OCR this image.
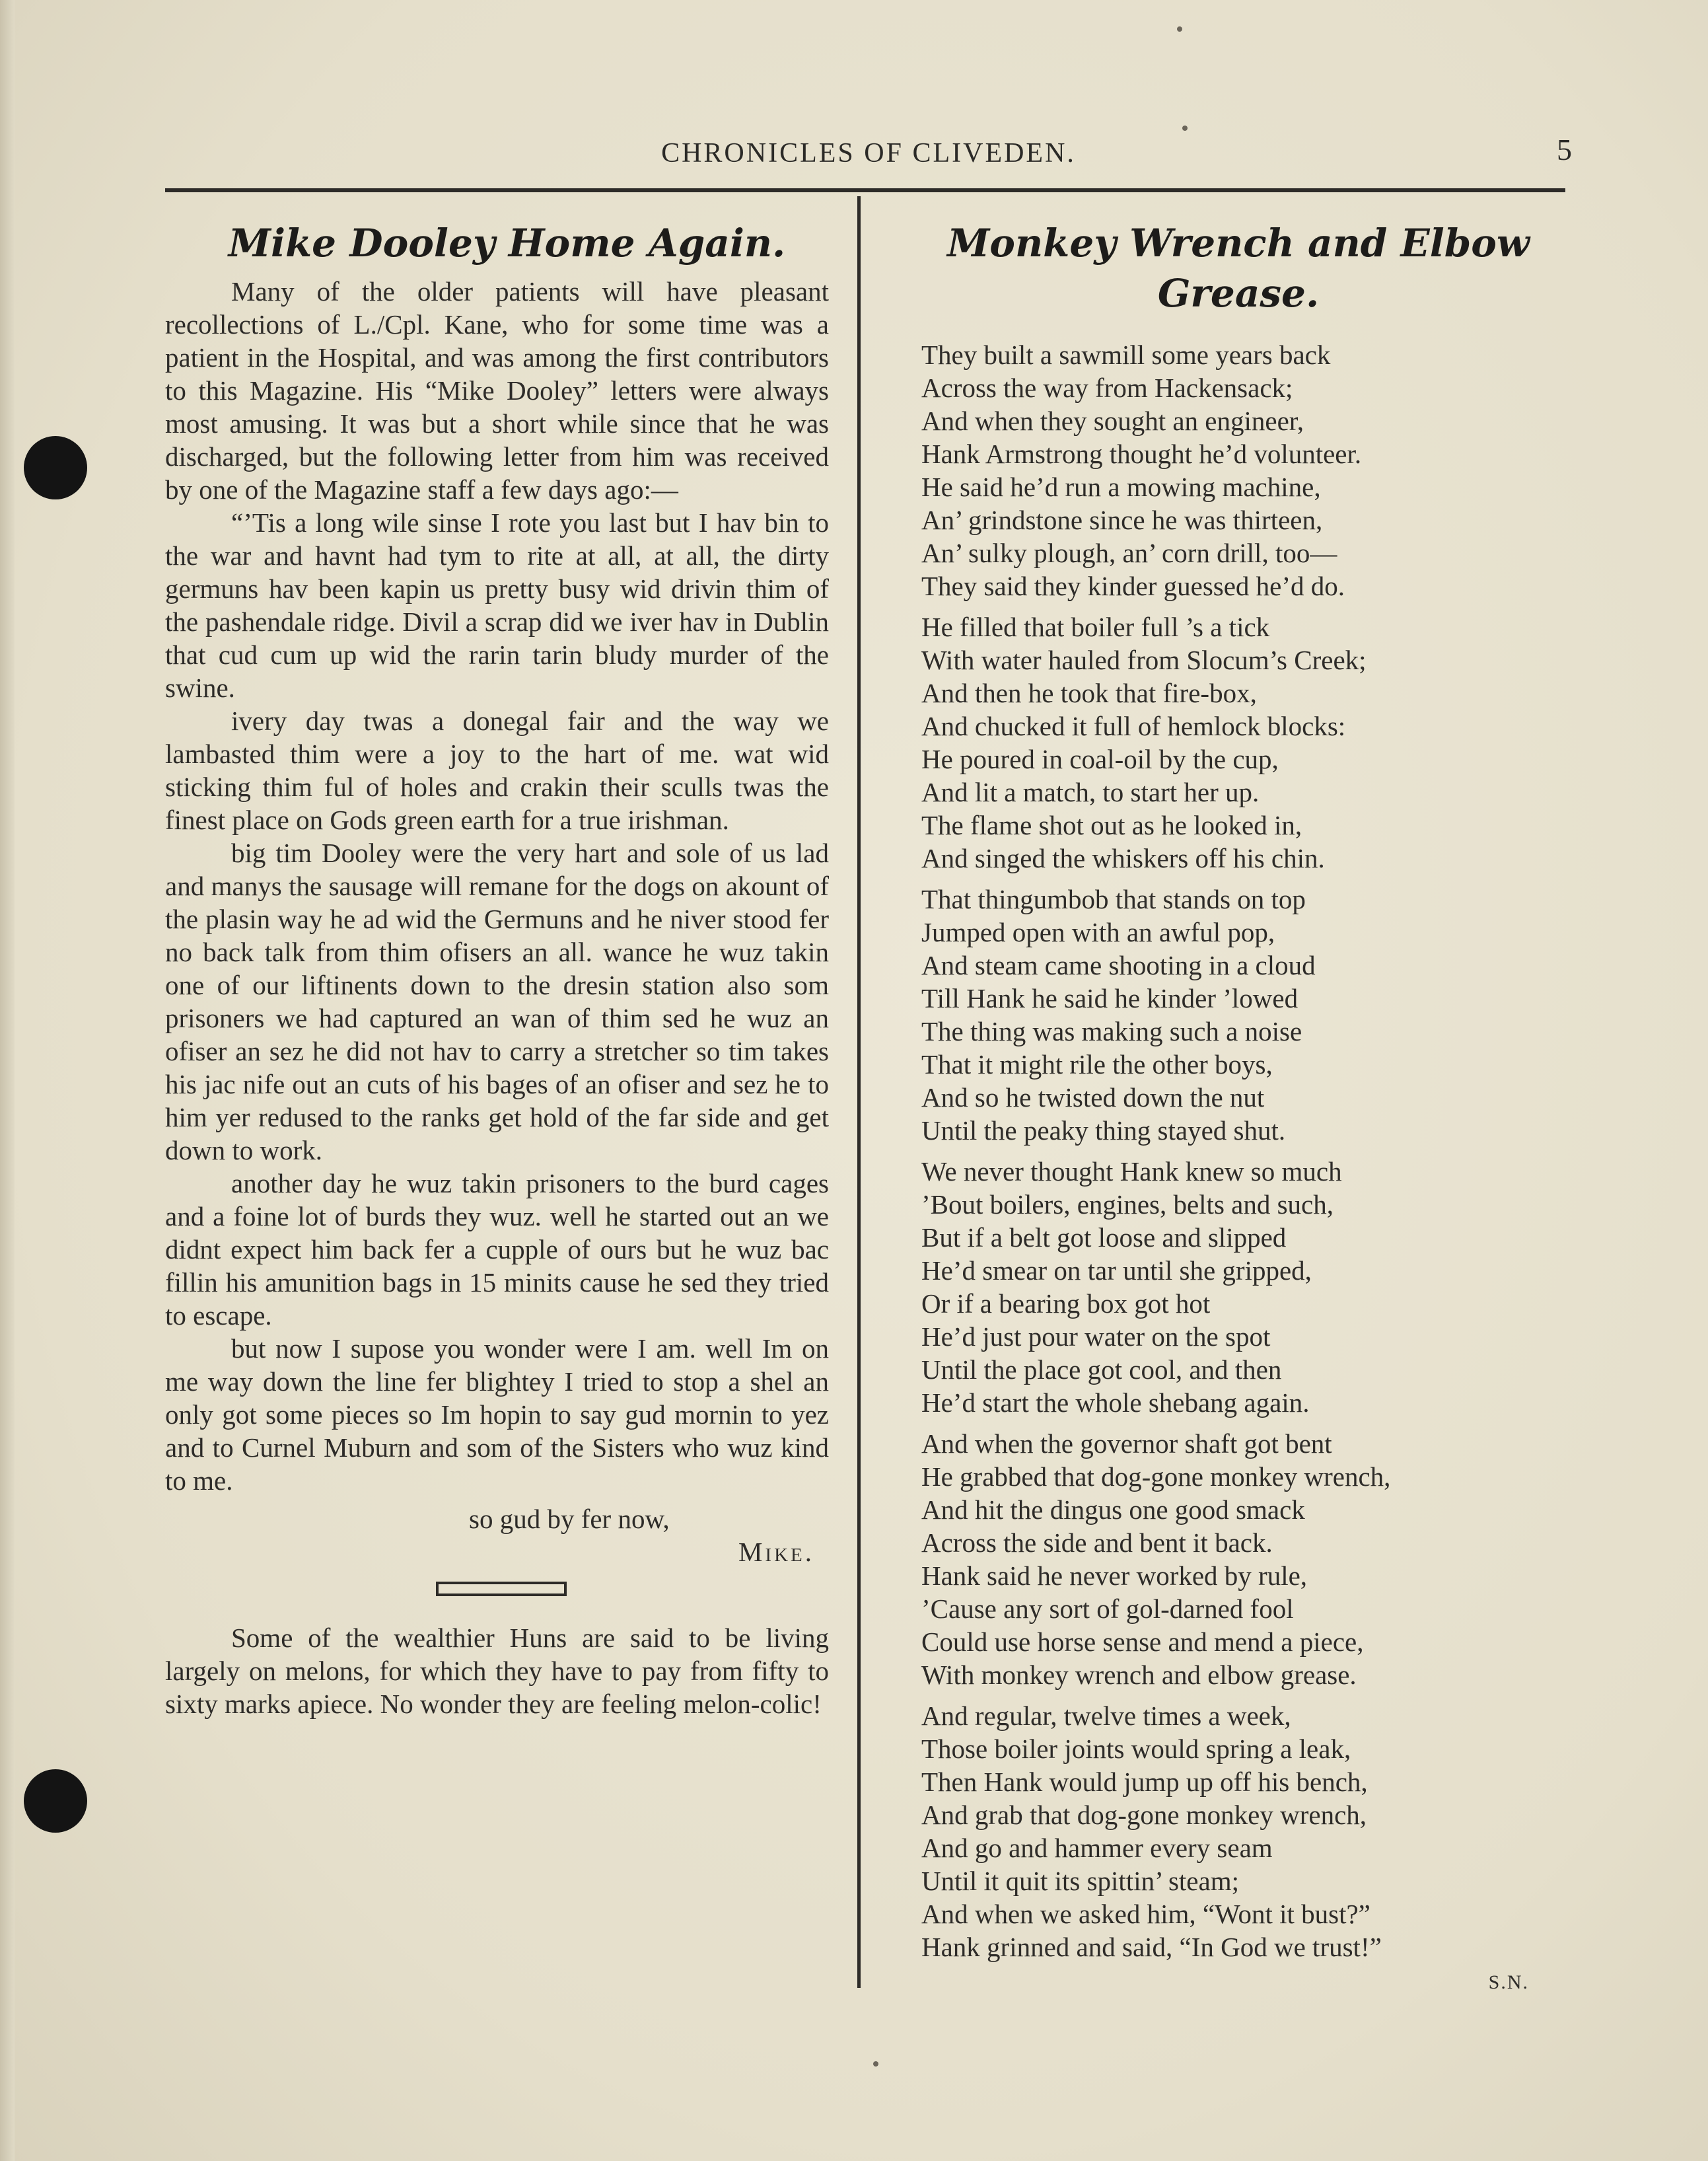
CHRONICLES OF CLIVEDEN.	5
Mike Dooley Home Again.

Many of the older patients will have pleasant recollections of L./Cpl. Kane, who for some time was a patient in the Hospital, and was among the first contributors to this Magazine. His “Mike Dooley” letters were always most amusing. It was but a short while since that he was discharged, but the following letter from him was received by one of the Magazine staff a few days ago:—

“’Tis a long wile sinse I rote you last but I hav bin to the war and havnt had tym to rite at all, at all, the dirty germuns hav been kapin us pretty busy wid drivin thim of the pashendale ridge. Divil a scrap did we iver hav in Dublin that cud cum up wid the rarin tarin bludy murder of the swine.

ivery day twas a donegal fair and the way we lambasted thim were a joy to the hart of me. wat wid sticking thim ful of holes and crakin their sculls twas the finest place on Gods green earth for a true irishman.

big tim Dooley were the very hart and sole of us lad and manys the sausage will remane for the dogs on akount of the plasin way he ad wid the Germuns and he niver stood fer no back talk from thim ofisers an all. wance he wuz takin one of our liftinents down to the dresin station also som prisoners we had captured an wan of thim sed he wuz an ofiser an sez he did not hav to carry a stretcher so tim takes his jac nife out an cuts of his bages of an ofiser and sez he to him yer redused to the ranks get hold of the far side and get down to work.

another day he wuz takin prisoners to the burd cages and a foine lot of burds they wuz. well he started out an we didnt expect him back fer a cupple of ours but he wuz bac fillin his amunition bags in 15 minits cause he sed they tried to escape.

but now I supose you wonder were I am. well Im on me way down the line fer blightey I tried to stop a shel an only got some pieces so Im hopin to say gud mornin to yez and to Curnel Muburn and som of the Sisters who wuz kind to me.

so gud by fer now,
Mike.

Some of the wealthier Huns are said to be living largely on melons, for which they have to pay from fifty to sixty marks apiece. No wonder they are feeling melon-colic!

Monkey Wrench and Elbow Grease.
They built a sawmill some years back
Across the way from Hackensack;
And when they sought an engineer,
Hank Armstrong thought he’d volunteer.
He said he’d run a mowing machine,
An’ grindstone since he was thirteen,
An’ sulky plough, an’ corn drill, too—
They said they kinder guessed he’d do.
He filled that boiler full ’s a tick
With water hauled from Slocum’s Creek;
And then he took that fire-box,
And chucked it full of hemlock blocks:
He poured in coal-oil by the cup,
And lit a match, to start her up.
The flame shot out as he looked in,
And singed the whiskers off his chin.
That thingumbob that stands on top
Jumped open with an awful pop,
And steam came shooting in a cloud
Till Hank he said he kinder ’lowed
The thing was making such a noise
That it might rile the other boys,
And so he twisted down the nut
Until the peaky thing stayed shut.
We never thought Hank knew so much
’Bout boilers, engines, belts and such,
But if a belt got loose and slipped
He’d smear on tar until she gripped,
Or if a bearing box got hot
He’d just pour water on the spot
Until the place got cool, and then
He’d start the whole shebang again.
And when the governor shaft got bent
He grabbed that dog-gone monkey wrench,
And hit the dingus one good smack
Across the side and bent it back.
Hank said he never worked by rule,
’Cause any sort of gol-darned fool
Could use horse sense and mend a piece,
With monkey wrench and elbow grease.
And regular, twelve times a week,
Those boiler joints would spring a leak,
Then Hank would jump up off his bench,
And grab that dog-gone monkey wrench,
And go and hammer every seam
Until it quit its spittin’ steam;
And when we asked him, “Wont it bust?”
Hank grinned and said, “In God we trust!”
S.N.
